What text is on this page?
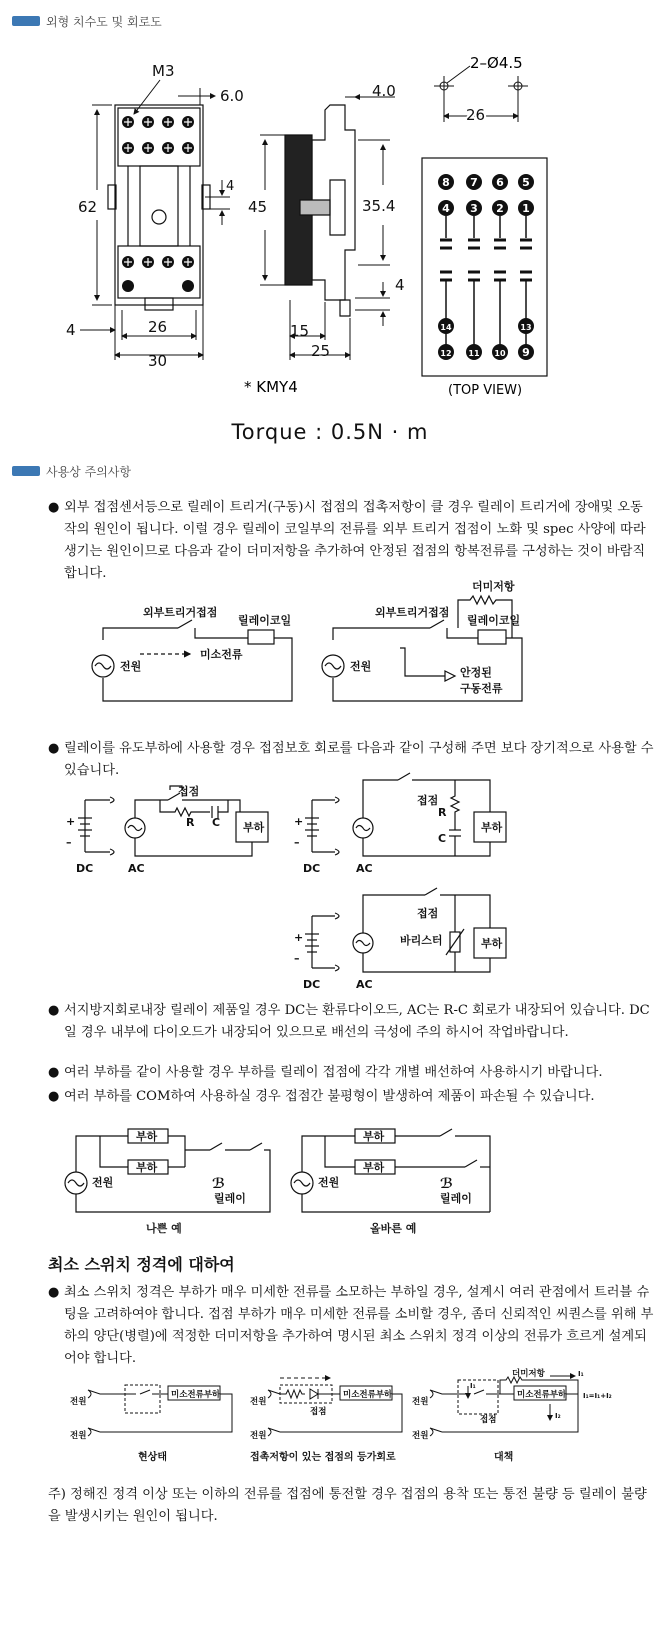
외형 치수도 및 회로도
M3
6.0
62
4
4	26
30
4.0
45	35.4
4
15
25
* KMY4
2–Ø4.5
26
8 7 6 5
4 3 2 1
14	13
12 11 10 9
(TOP VIEW)
Torque : 0.5N · m
사용상 주의사항
● 외부 접점센서등으로 릴레이 트리거(구동)시 접점의 접촉저항이 클 경우 릴레이 트리거에 장애및 오동작의 원인이 됩니다. 이럴 경우 릴레이 코일부의 전류를 외부 트리거 접점이 노화 및 spec 사양에 따라 생기는 원인이므로 다음과 같이 더미저항을 추가하여 안정된 접점의 항복전류를 구성하는 것이 바람직합니다.
외부트리거접점
릴레이코일
전원
미소전류
더미저항
외부트리거접점
릴레이코일
전원	안정된
구동전류
● 릴레이를 유도부하에 사용할 경우 접점보호 회로를 다음과 같이 구성해 주면 보다 장기적으로 사용할 수 있습니다.
+
–
DC	AC
접점
R C 부하	+
–
DC	AC
접점
R
C
부하
+
–
DC	AC
접점
바리스터	부하
● 서지방지회로내장 릴레이 제품일 경우 DC는 환류다이오드, AC는 R-C 회로가 내장되어 있습니다. DC일 경우 내부에 다이오드가 내장되어 있으므로 배선의 극성에 주의 하시어 작업바랍니다.
● 여러 부하를 같이 사용할 경우 부하를 릴레이 접점에 각각 개별 배선하여 사용하시기 바랍니다.
● 여러 부하를 COM하여 사용하실 경우 접점간 불평형이 발생하여 제품이 파손될 수 있습니다.
부하
부하
전원
릴레이
나쁜 예
부하
부하
전원
릴레이
올바른 예
ℬ	ℬ
최소 스위치 정격에 대하여
● 최소 스위치 정격은 부하가 매우 미세한 전류를 소모하는 부하일 경우, 설계시 여러 관점에서 트러블 슈팅을 고려하여야 합니다. 접점 부하가 매우 미세한 전류를 소비할 경우, 좀더 신뢰적인 씨퀀스를 위해 부하의 양단(병렬)에 적정한 더미저항을 추가하여 명시된 최소 스위치 정격 이상의 전류가 흐르게 설계되어야 합니다.
전원
전원
미소전류부하
전원
전원
미소전류부하
접점
전원
전원
미소전류부하
더미저항
접점
I₁
I₁
I₂
I₁=I₁+I₂
현상태	접촉저항이 있는 접점의 등가회로	대책
주) 정해진 정격 이상 또는 이하의 전류를 접점에 통전할 경우 접점의 용착 또는 통전 불량 등 릴레이 불량을 발생시키는 원인이 됩니다.
